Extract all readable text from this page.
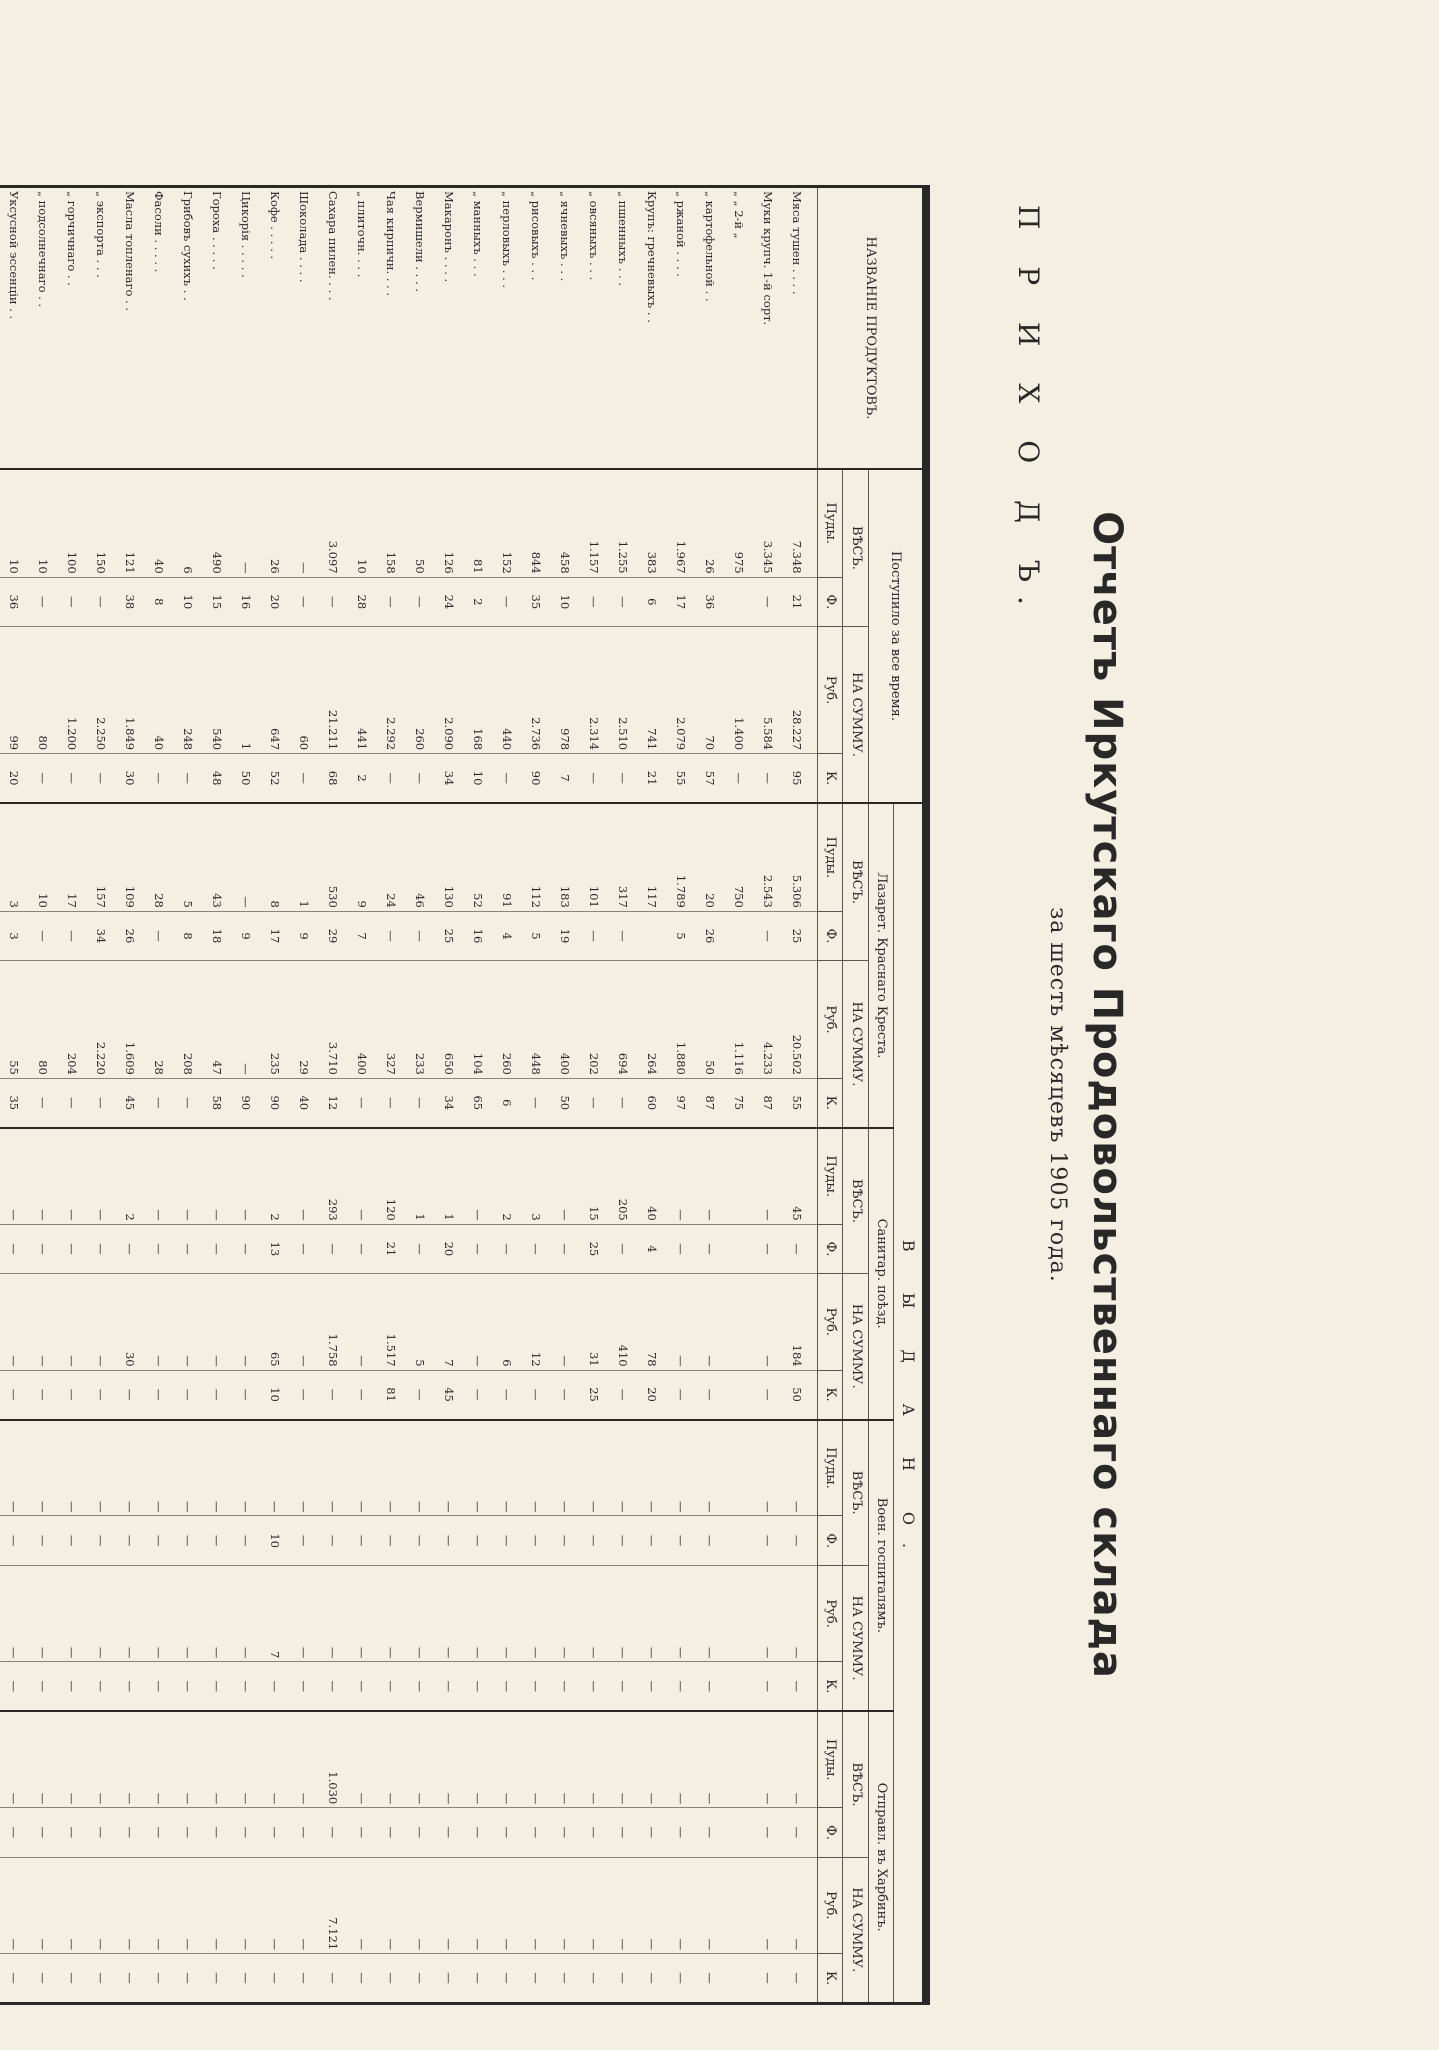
Отчетъ Иркутскаго Продовольственнаго склада
за шесть мѣсяцевъ 1905 года.
П Р И Х О Д Ъ.
НАЗВАНІЕ ПРОДУКТОВЪ.	Поступило за все время.				В Ы Д А Н О.															
					Лазарет. Краснаго Креста.				Санитар. поѣзд.				Воен. госпиталямъ.				Отправл. въ Харбинъ.			
	ВѢСЪ.		НА СУММУ.		ВѢСЪ.		НА СУММУ.		ВѢСЪ.		НА СУММУ.		ВѢСЪ.		НА СУММУ.		ВѢСЪ.		НА СУММУ.	
	Пуды.	Ф.	Руб.	К.	Пуды.	Ф.	Руб.	К.	Пуды.	Ф.	Руб.	К.	Пуды.	Ф.	Руб.	К.	Пуды.	Ф.	Руб.	К.
Мяса тушен . . . .	7.348	21	28.227	95	5.306	25	20.502	55	45	—	184	50	—	—	—	—	—	—	—	—
Муки крупч. 1-й сорт.	3.345	—	5.584	—	2.543	—	4.233	87	—	—	—	—	—	—	—	—	—	—	—	—
„ „ 2-й „	975		1.400	—	750		1.116	75												
„ картофельной . .	26	36	70	57	20	26	50	87	—	—	—	—	—	—	—	—	—	—	—	—
„ ржаной . . . .	1.967	17	2.079	55	1.789	5	1.880	97	—	—	—	—	—	—	—	—	—	—	—	—
Крупъ: гречневыхъ . .	383	6	741	21	117		264	60	40	4	78	20	—	—	—	—	—	—	—	—
„ пшенныхъ . . .	1.255	—	2.510	—	317	—	694	—	205	—	410	—	—	—	—	—	—	—	—	—
„ овсяныхъ . . .	1.157	—	2.314	—	101	—	202	—	15	25	31	25	—	—	—	—	—	—	—	—
„ ячневыхъ . . .	458	10	978	7	183	19	400	50	—	—	—	—	—	—	—	—	—	—	—	—
„ рисовыхъ . . .	844	35	2.736	90	112	5	448	—	3	—	12	—	—	—	—	—	—	—	—	—
„ перловыхъ . . .	152	—	440	—	91	4	260	6	2	—	6	—	—	—	—	—	—	—	—	—
„ манныхъ . . .	81	2	168	10	52	16	104	65	—	—	—	—	—	—	—	—	—	—	—	—
Макаронъ . . . .	126	24	2.090	34	130	25	650	34	1	20	7	45	—	—	—	—	—	—	—	—
Вермишели . . . .	50	—	260	—	46	—	233	—	1	—	5	—	—	—	—	—	—	—	—	—
Чая кирпичн. . . .	158	—	2.292	—	24	—	327	—	120	21	1.517	81	—	—	—	—	—	—	—	—
„ плиточн. . . .	10	28	441	2	9	7	400	—	—	—	—	—	—	—	—	—	—	—	—	—
Сахара пилен. . . .	3.097	—	21.211	68	530	29	3.710	12	293	—	1.758	—	—	—	—	—	1.030	—	7.121	—
Шоколада . . . .	—	—	60	—	1	9	29	40	—	—	—	—	—	—	—	—	—	—	—	—
Кофе . . . . .	26	20	647	52	8	17	235	90	2	13	65	10	—	10	7	—	—	—	—	—
Цикорія . . . . .	—	16	1	50	—	9	—	90	—	—	—	—	—	—	—	—	—	—	—	—
Гороха . . . . .	490	15	540	48	43	18	47	58	—	—	—	—	—	—	—	—	—	—	—	—
Грибовъ сухихъ . .	6	10	248	—	5	8	208	—	—	—	—	—	—	—	—	—	—	—	—	—
Фасоли . . . . .	40	8	40	—	28	—	28	—	—	—	—	—	—	—	—	—	—	—	—	—
Масла топленаго . .	121	38	1.849	30	109	26	1.609	45	2	—	30	—	—	—	—	—	—	—	—	—
„ экспорта . . .	150	—	2.250	—	157	34	2.220	—	—	—	—	—	—	—	—	—	—	—	—	—
„ горчичнаго . .	100	—	1.200	—	17	—	204	—	—	—	—	—	—	—	—	—	—	—	—	—
„ подсолнечнаго . .	10	—	80	—	10	—	80	—	—	—	—	—	—	—	—	—	—	—	—	—
Уксусной эссенціи . .	10	36	99	20	3	3	55	35	—	—	—	—	—	—	—	—	—	—	—	—
